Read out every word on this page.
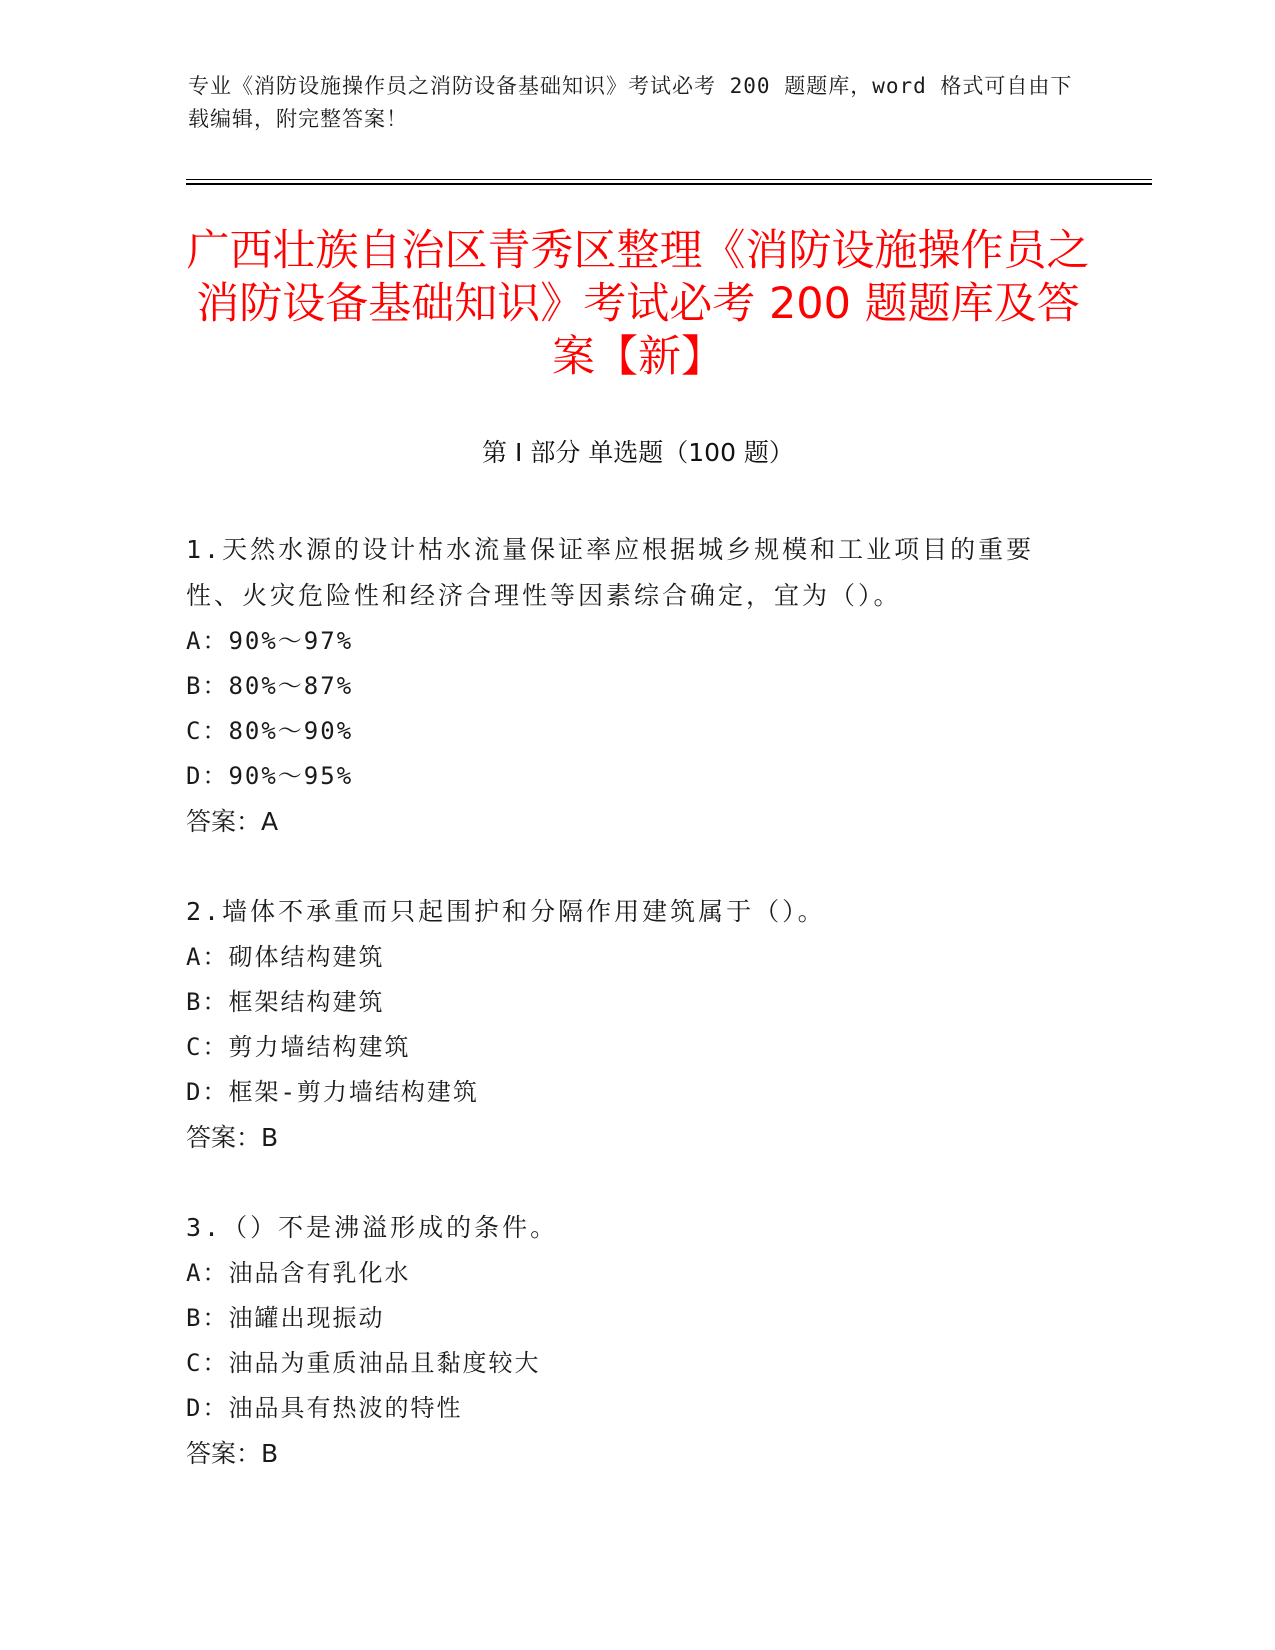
专业《消防设施操作员之消防设备基础知识》考试必考 200 题题库，word 格式可自由下载编辑，附完整答案！
广西壮族自治区青秀区整理《消防设施操作员之消防设备基础知识》考试必考 200 题题库及答案【新】
第 I 部分 单选题（100 题）
1.天然水源的设计枯水流量保证率应根据城乡规模和工业项目的重要性、火灾危险性和经济合理性等因素综合确定，宜为（）。
A：90%～97%
B：80%～87%
C：80%～90%
D：90%～95%
答案：A
2.墙体不承重而只起围护和分隔作用建筑属于（）。
A：砌体结构建筑
B：框架结构建筑
C：剪力墙结构建筑
D：框架-剪力墙结构建筑
答案：B
3.（）不是沸溢形成的条件。
A：油品含有乳化水
B：油罐出现振动
C：油品为重质油品且黏度较大
D：油品具有热波的特性
答案：B
